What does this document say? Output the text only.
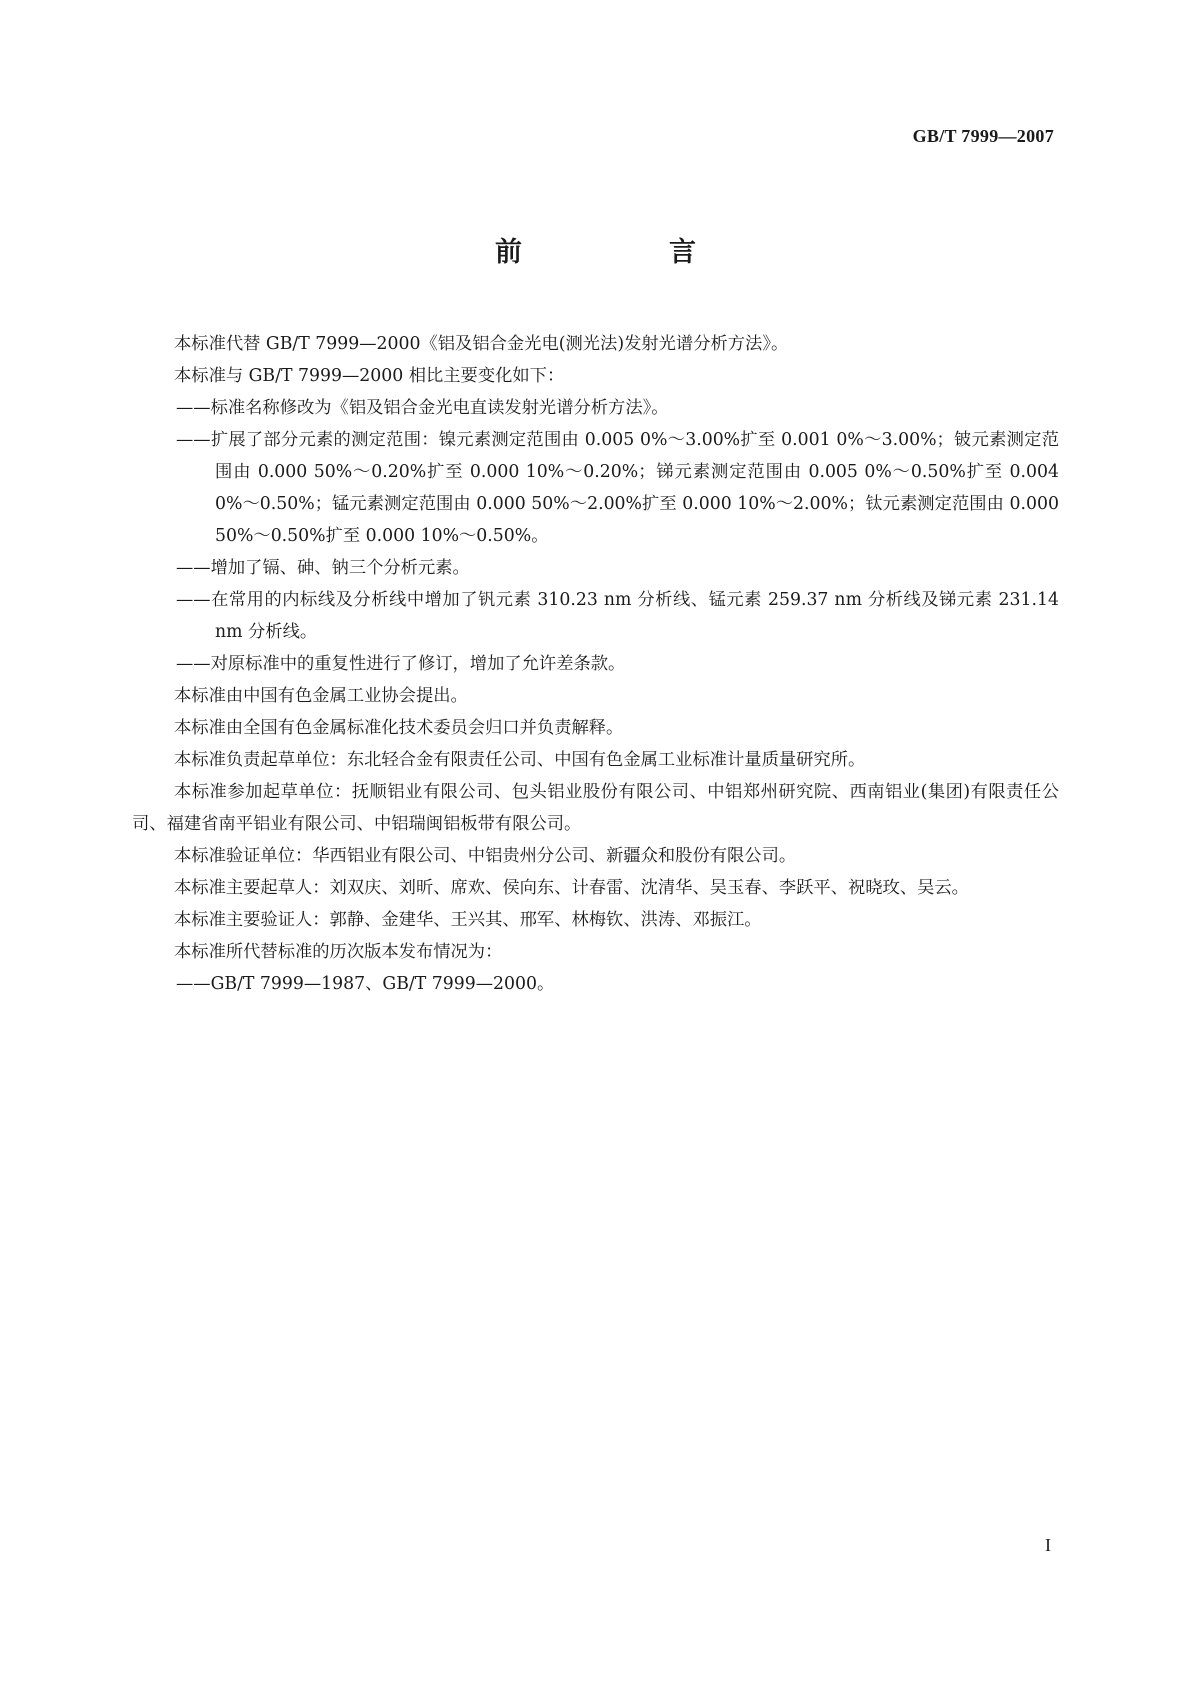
GB/T 7999—2007
前　言
本标准代替 GB/T 7999—2000《铝及铝合金光电(测光法)发射光谱分析方法》。
本标准与 GB/T 7999—2000 相比主要变化如下：
——标准名称修改为《铝及铝合金光电直读发射光谱分析方法》。
——扩展了部分元素的测定范围：镍元素测定范围由 0.005 0%～3.00%扩至 0.001 0%～3.00%；铍元素测定范围由 0.000 50%～0.20%扩至 0.000 10%～0.20%；锑元素测定范围由 0.005 0%～0.50%扩至 0.004 0%～0.50%；锰元素测定范围由 0.000 50%～2.00%扩至 0.000 10%～2.00%；钛元素测定范围由 0.000 50%～0.50%扩至 0.000 10%～0.50%。
——增加了镉、砷、钠三个分析元素。
——在常用的内标线及分析线中增加了钒元素 310.23 nm 分析线、锰元素 259.37 nm 分析线及锑元素 231.14 nm 分析线。
——对原标准中的重复性进行了修订，增加了允许差条款。
本标准由中国有色金属工业协会提出。
本标准由全国有色金属标准化技术委员会归口并负责解释。
本标准负责起草单位：东北轻合金有限责任公司、中国有色金属工业标准计量质量研究所。
本标准参加起草单位：抚顺铝业有限公司、包头铝业股份有限公司、中铝郑州研究院、西南铝业(集团)有限责任公司、福建省南平铝业有限公司、中铝瑞闽铝板带有限公司。
本标准验证单位：华西铝业有限公司、中铝贵州分公司、新疆众和股份有限公司。
本标准主要起草人：刘双庆、刘昕、席欢、侯向东、计春雷、沈清华、吴玉春、李跃平、祝晓玫、吴云。
本标准主要验证人：郭静、金建华、王兴其、邢军、林梅钦、洪涛、邓振江。
本标准所代替标准的历次版本发布情况为：
——GB/T 7999—1987、GB/T 7999—2000。
I
